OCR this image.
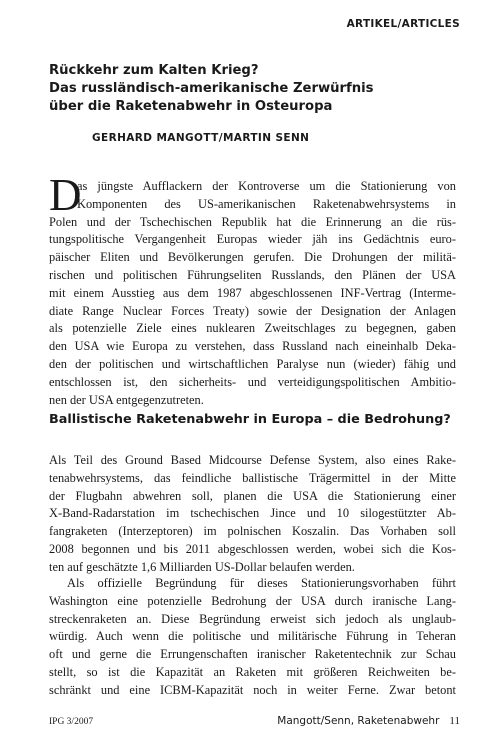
ARTIKEL/ARTICLES
Rückkehr zum Kalten Krieg?
Das russländisch-amerikanische Zerwürfnis
über die Raketenabwehr in Osteuropa
GERHARD MANGOTT/MARTIN SENN
D
as jüngste Aufflackern der Kontroverse um die Stationierung von
Komponenten des US-amerikanischen Raketenabwehrsystems in
Polen und der Tschechischen Republik hat die Erinnerung an die rüs-
tungspolitische Vergangenheit Europas wieder jäh ins Gedächtnis euro-
päischer Eliten und Bevölkerungen gerufen. Die Drohungen der militä-
rischen und politischen Führungseliten Russlands, den Plänen der USA
mit einem Ausstieg aus dem 1987 abgeschlossenen INF-Vertrag (Interme-
diate Range Nuclear Forces Treaty) sowie der Designation der Anlagen
als potenzielle Ziele eines nuklearen Zweitschlages zu begegnen, gaben
den USA wie Europa zu verstehen, dass Russland nach eineinhalb Deka-
den der politischen und wirtschaftlichen Paralyse nun (wieder) fähig und
entschlossen ist, den sicherheits- und verteidigungspolitischen Ambitio-
nen der USA entgegenzutreten.
Ballistische Raketenabwehr in Europa – die Bedrohung?
Als Teil des Ground Based Midcourse Defense System, also eines Rake-
tenabwehrsystems, das feindliche ballistische Trägermittel in der Mitte
der Flugbahn abwehren soll, planen die USA die Stationierung einer
X-Band-Radarstation im tschechischen Jince und 10 silogestützter Ab-
fangraketen (Interzeptoren) im polnischen Koszalin. Das Vorhaben soll
2008 begonnen und bis 2011 abgeschlossen werden, wobei sich die Kos-
ten auf geschätzte 1,6 Milliarden US-Dollar belaufen werden.
Als offizielle Begründung für dieses Stationierungsvorhaben führt
Washington eine potenzielle Bedrohung der USA durch iranische Lang-
streckenraketen an. Diese Begründung erweist sich jedoch als unglaub-
würdig. Auch wenn die politische und militärische Führung in Teheran
oft und gerne die Errungenschaften iranischer Raketentechnik zur Schau
stellt, so ist die Kapazität an Raketen mit größeren Reichweiten be-
schränkt und eine ICBM-Kapazität noch in weiter Ferne. Zwar betont
IPG 3/2007	Mangott/Senn, Raketenabwehr 11
